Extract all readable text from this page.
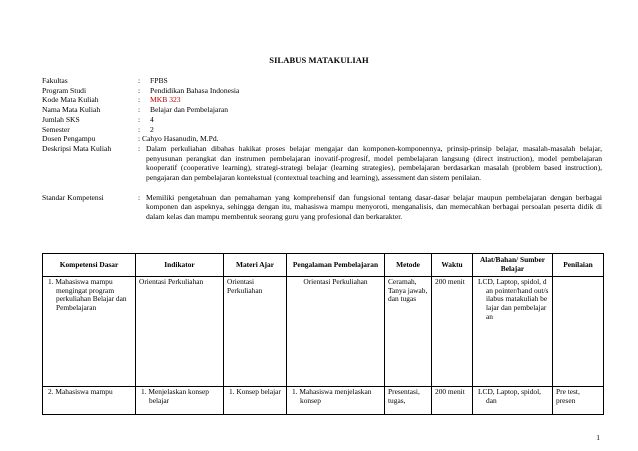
SILABUS MATAKULIAH
Fakultas	:	FPBS
Program Studi	:	Pendidikan Bahasa Indonesia
Kode Mata Kuliah	:	MKB 323
Nama Mata Kuliah	:	Belajar dan Pembelajaran
Jumlah SKS	:	4
Semester	:	2
Dosen Pengampu	: Cahyo Hasanudin, M.Pd.
Deskripsi Mata Kuliah	: Dalam perkuliahan dibahas hakikat proses belajar mengajar dan komponen-komponennya, prinsip-prinsip belajar, masalah-masalah belajar, penyusunan perangkat dan instrumen pembelajaran inovatif-progresif, model pembelajaran langsung (direct instruction), model pembelajaran kooperatif (cooperative learning), strategi-strategi belajar (learning strategies), pembelajaran berdasarkan masalah (problem based instruction), pengajaran dan pembelajaran kontekstual (contextual teaching and learning), assessment dan sistem penilaian.
Standar Kompetensi	: Memiliki pengetahuan dan pemahaman yang komprehensif dan fungsional tentang dasar-dasar belajar maupun pembelajaran dengan berbagai komponen dan aspeknya, sehingga dengan itu, mahasiswa mampu menyoroti, menganalisis, dan memecahkan berbagai persoalan peserta didik di dalam kelas dan mampu membentuk seorang guru yang profesional dan berkarakter.
Kompetensi Dasar	Indikator	Materi Ajar	Pengalaman Pembelajaran	Metode	Waktu	Alat/Bahan/ Sumber Belajar	Penilaian

1. Mahasiswa mampu mengingat program perkuliahan Belajar dan Pembelajaran	Orientasi Perkuliahan	Orientasi Perkuliahan	Orientasi Perkuliahan	Ceramah, Tanya jawab, dan tugas	200 menit	LCD, Laptop, spidol, dan pointer/hand out/silabus matakuliah belajar dan pembelajaran	

2. Mahasiswa mampu	1. Menjelaskan konsep belajar	1. Konsep belajar	1. Mahasiswa menjelaskan konsep	Presentasi, tugas,	200 menit	LCD, Laptop, spidol, dan	Pre test, presen
1
